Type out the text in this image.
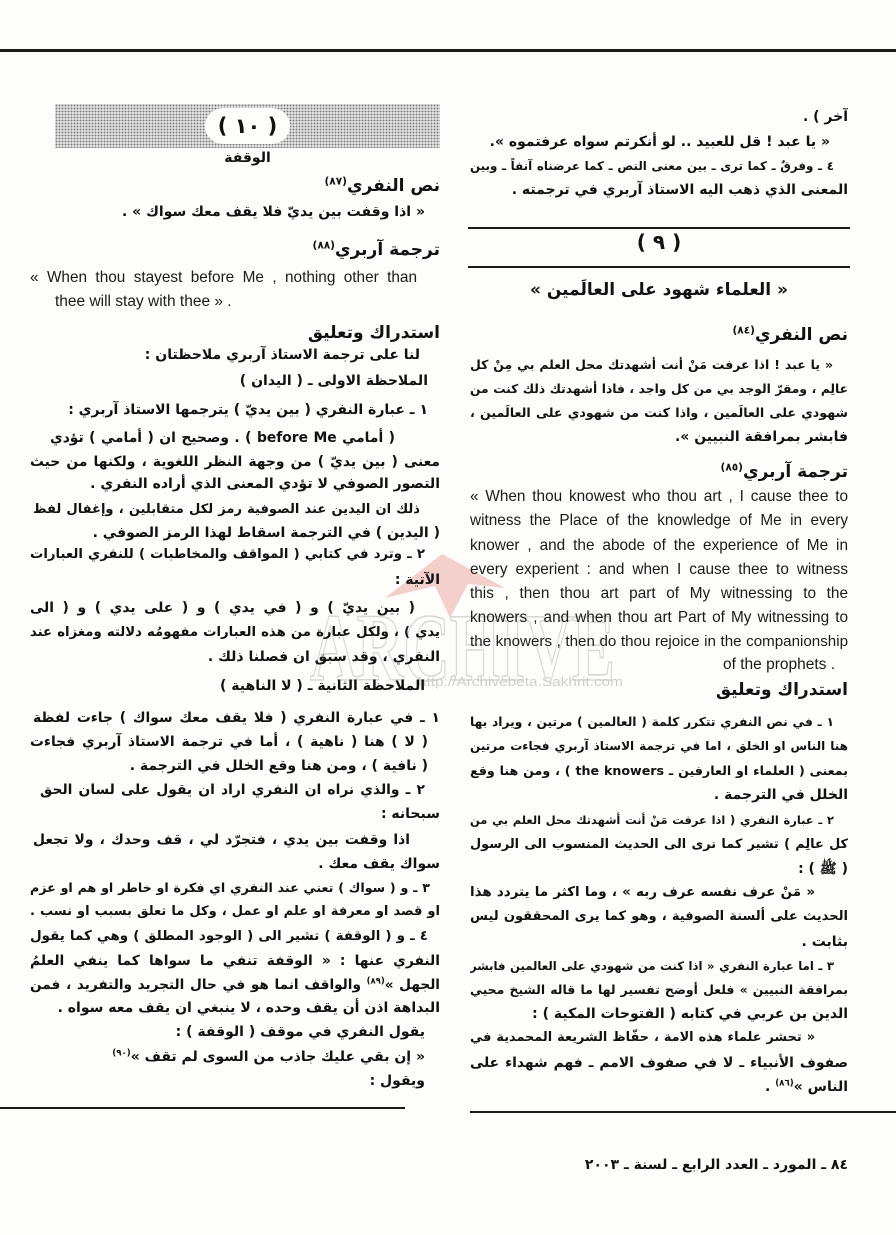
ARCHIVE
http://Archivebeta.Sakhrit.com
آخر ) .
« يا عبد ! قل للعبيد .. لو أنكرتم سواه عرفتموه ».
٤ ـ وفرقٌ ـ كما ترى ـ بين معنى النص ـ كما عرضناه آنفاً ـ وبين
المعنى الذي ذهب اليه الاستاذ آربري في ترجمته .
( ٩ )
« العلماء شهود على العالَمين »
نص النفري$^{(٨٤)}$
« يا عبد ! اذا عرفت مَنْ أنت أشهدتك محل العلم بي مِنْ كل
عالِم ، ومقرّ الوجد بي من كل واجد ، فاذا أشهدتك ذلك كنت من
شهودي على العالَمين ، واذا كنت من شهودي على العالَمين ،
فابشر بمرافقة النبيين ».
ترجمة آربري$^{(٨٥)}$
« When thou knowest who thou art , I cause thee to
witness the Place of the knowledge of Me in every
knower , and the abode of the experience of Me in
every experient : and when I cause thee to witness
this , then thou art part of My witnessing to the
knowers , and when thou art Part of My witnessing to
the knowers , then do thou rejoice in the companionship
of the prophets .
استدراك وتعليق
١ ـ في نص النفري تتكرر كلمة ( العالمين ) مرتين ، ويراد بها
هنا الناس او الخلق ، اما في ترجمة الاستاذ آربري فجاءت مرتين
بمعنى ( العلماء او العارفين ـ the knowers ) ، ومن هنا وقع
الخلل في الترجمة .
٢ ـ عبارة النفري ( اذا عرفت مَنْ أنت أشهدتك محل العلم بي من
كل عالِم ) تشير كما نرى الى الحديث المنسوب الى الرسول
( ﷺ ) :
« مَنْ عرف نفسه عرف ربه » ، وما اكثر ما يتردد هذا
الحديث على ألسنة الصوفية ، وهو كما يرى المحققون ليس
بثابت .
٣ ـ اما عبارة النفري « اذا كنت من شهودي على العالمين فابشر
بمرافقة النبيين » فلعل أوضح تفسير لها ما قاله الشيخ محيي
الدين بن عربي في كتابه ( الفتوحات المكية ) :
« تحشر علماء هذه الامة ، حفّاظ الشريعة المحمدية في
صفوف الأنبياء ـ لا في صفوف الامم ـ فهم شهداء على
الناس »$^{(٨٦)}$ .
( ١٠ )
الوقفة
نص النفري$^{(٨٧)}$
« اذا وقفت بين يديّ فلا يقف معك سواك » .
ترجمة آربري$^{(٨٨)}$
« When thou stayest before Me , nothing other than
thee will stay with thee » .
استدراك وتعليق
لنا على ترجمة الاستاذ آربري ملاحظتان :
الملاحظة الاولى ـ ( اليدان )
١ ـ عبارة النفري ( بين يديّ ) يترجمها الاستاذ آربري :
( أمامي before Me ) . وصحيح ان ( أمامي ) تؤدي
معنى ( بين يديّ ) من وجهة النظر اللغوية ، ولكنها من حيث
التصور الصوفي لا تؤدي المعنى الذي أراده النفري .
ذلك ان اليدين عند الصوفية رمز لكل متقابلين ، وإغفال لفظ
( اليدين ) في الترجمة اسقاط لهذا الرمز الصوفي .
٢ ـ وترد في كتابي ( المواقف والمخاطبات ) للنفري العبارات
الآتية :
( بين يديّ ) و ( في يدي ) و ( على يدي ) و ( الى
يدي ) ، ولكل عبارة من هذه العبارات مفهومُه دلالته ومغزاه عند
النفري ، وقد سبق ان فصلنا ذلك .
الملاحظة الثانية ـ ( لا الناهية )
١ ـ في عبارة النفري ( فلا يقف معك سواك ) جاءت لفظة
( لا ) هنا ( ناهية ) ، أما في ترجمة الاستاذ آربري فجاءت
( نافية ) ، ومن هنا وقع الخلل في الترجمة .
٢ ـ والذي نراه ان النفري اراد ان يقول على لسان الحق
سبحانه :
اذا وقفت بين يدي ، فتجرّد لي ، قف وحدك ، ولا تجعل
سواك يقف معك .
٣ ـ و ( سواك ) تعني عند النفري اي فكرة او خاطر او هم او عزم
او قصد او معرفة او علم او عمل ، وكل ما تعلق بسبب او نسب .
٤ ـ و ( الوقفة ) تشير الى ( الوجود المطلق ) وهي كما يقول
النفري عنها : « الوقفة تنفي ما سواها كما ينفي العلمُ
الجهل »$^{(٨٩)}$ والواقف انما هو في حال التجريد والتفريد ، فمن
البداهة اذن أن يقف وحده ، لا ينبغي ان يقف معه سواه .
يقول النفري في موقف ( الوقفة ) :
« إن بقي عليك جاذب من السوى لم تقف »$^{(٩٠)}$
ويقول :
٨٤ ـ المورد ـ العدد الرابع ـ لسنة ـ ٢٠٠٣
